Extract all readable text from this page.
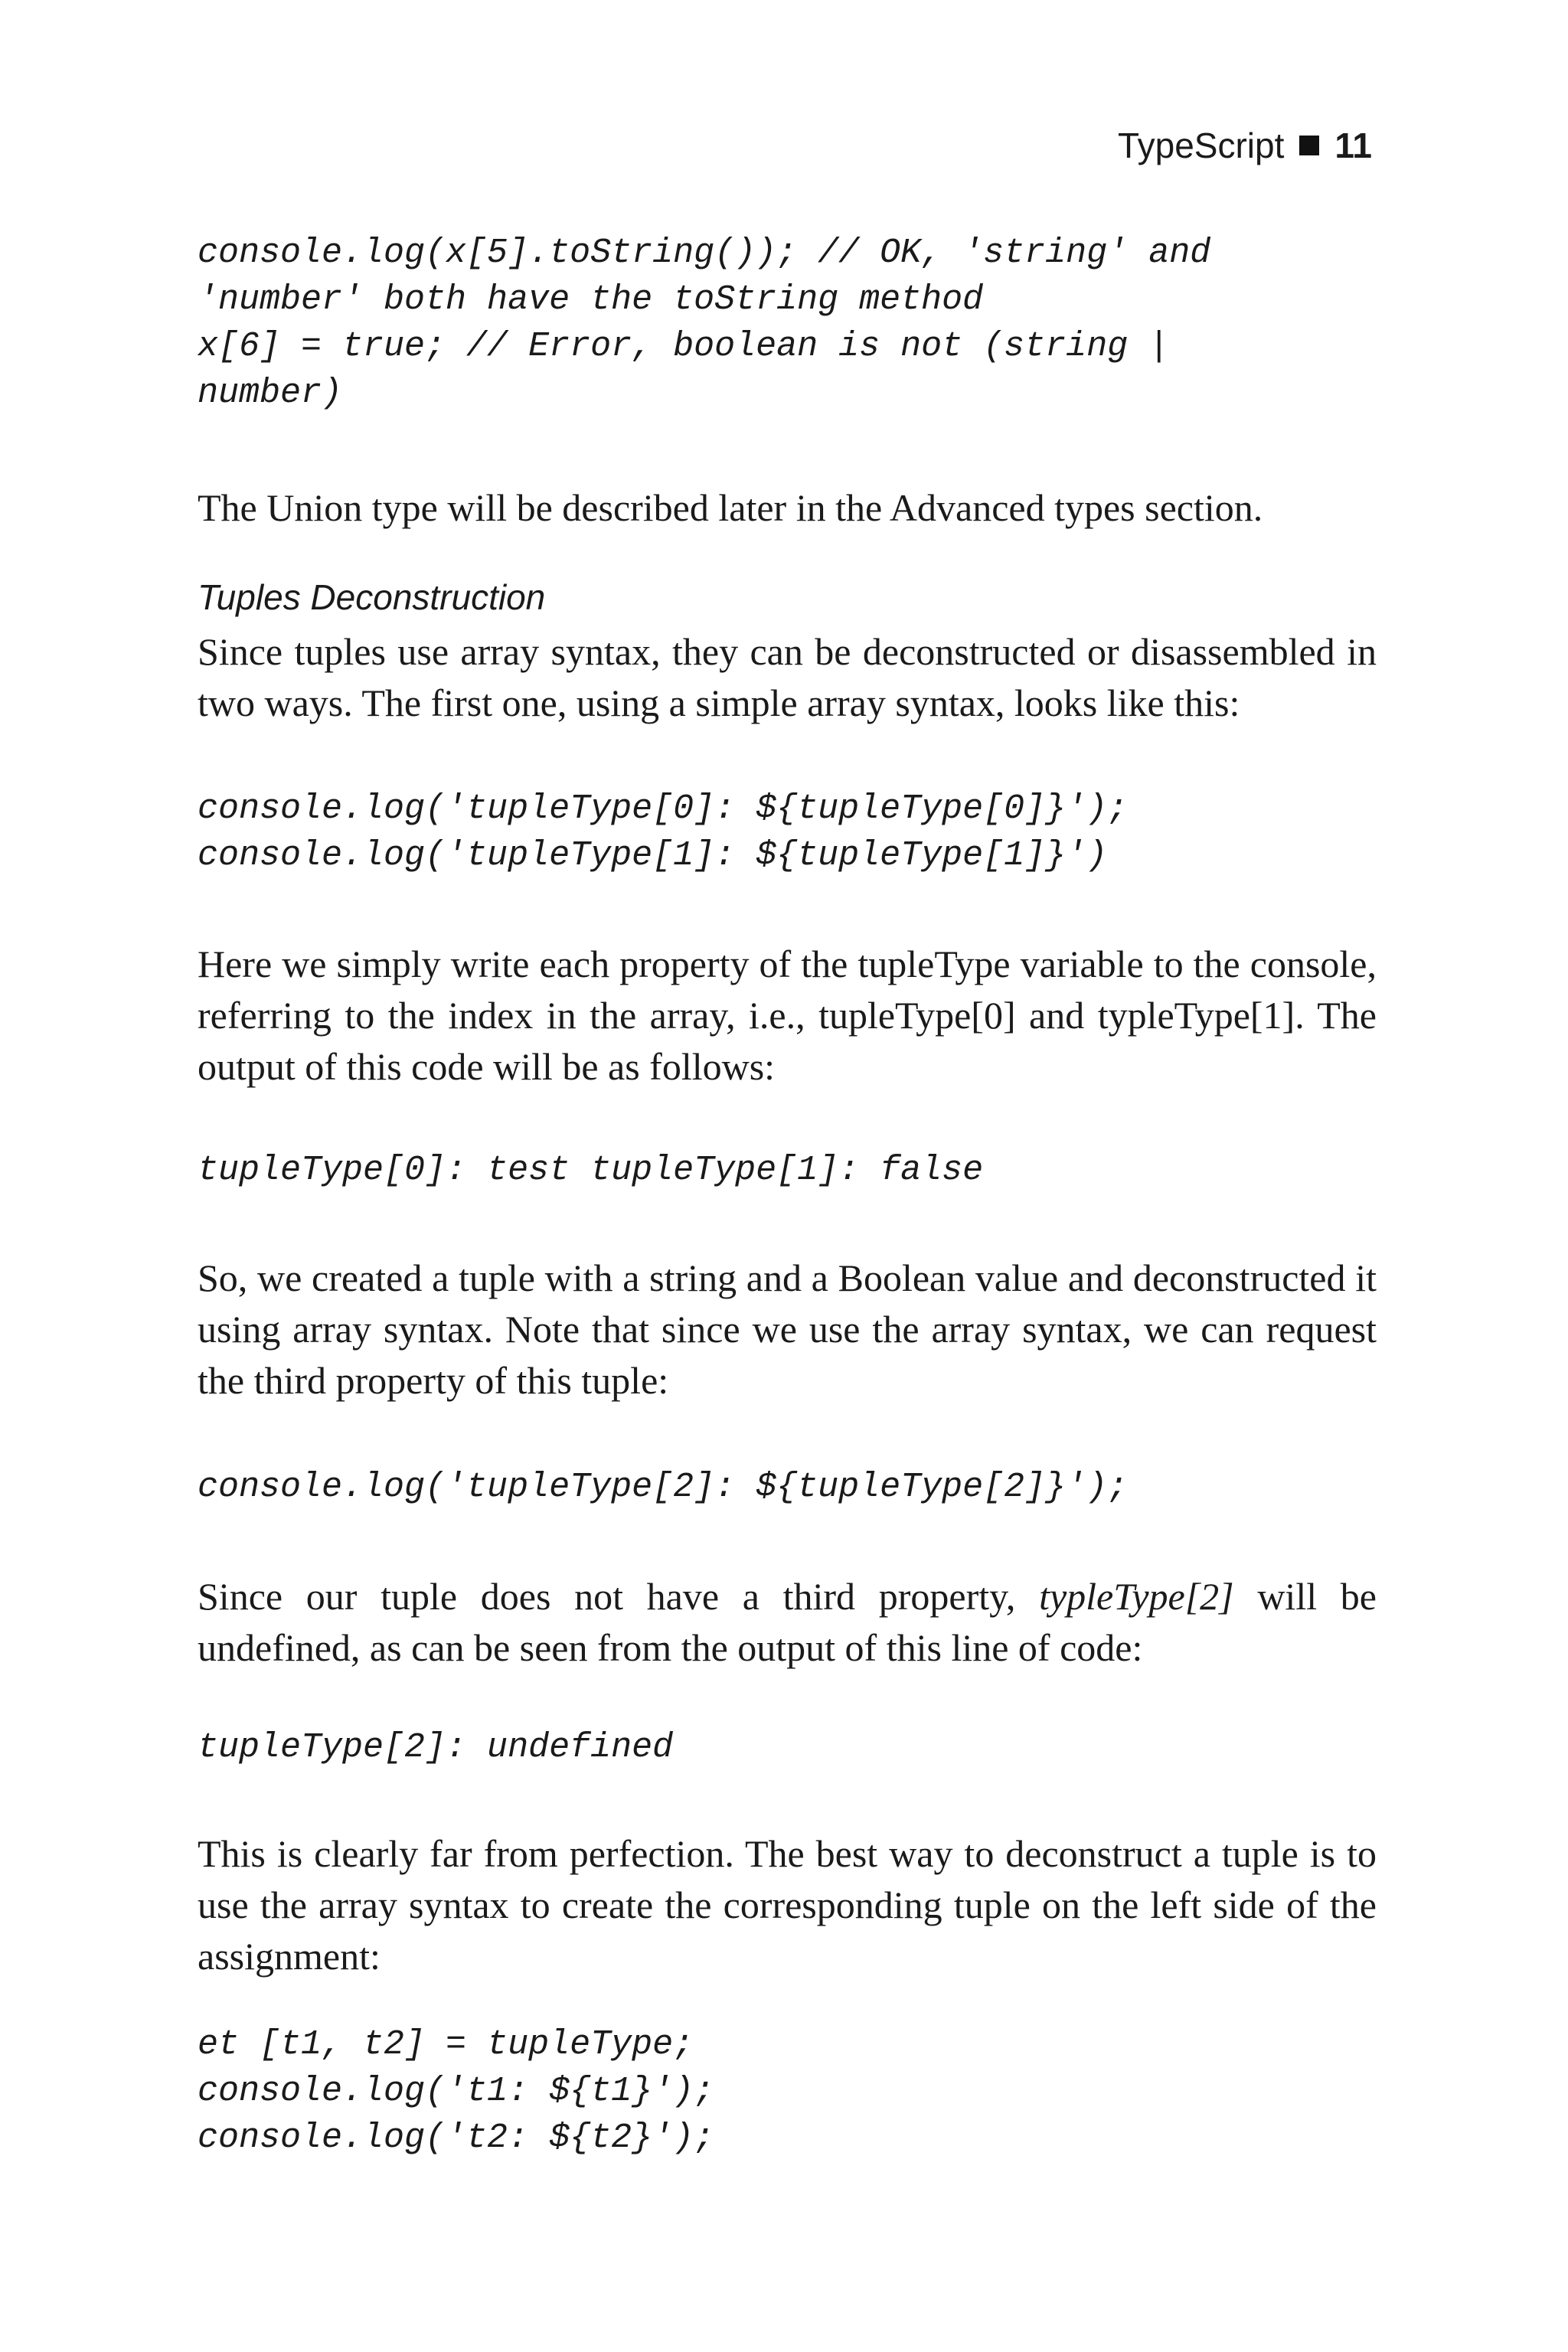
TypeScript 11
console.log(x[5].toString()); // OK, 'string' and
'number' both have the toString method
x[6] = true; // Error, boolean is not (string |
number)

The Union type will be described later in the Advanced types section.

Tuples Deconstruction

Since tuples use array syntax, they can be deconstructed or disassembled in two ways. The first one, using a simple array syntax, looks like this:

console.log('tupleType[0]: ${tupleType[0]}');
console.log('tupleType[1]: ${tupleType[1]}')

Here we simply write each property of the tupleType variable to the console, referring to the index in the array, i.e., tupleType[0] and typleType[1]. The output of this code will be as follows:

tupleType[0]: test tupleType[1]: false

So, we created a tuple with a string and a Boolean value and deconstructed it using array syntax. Note that since we use the array syntax, we can request the third property of this tuple:

console.log('tupleType[2]: ${tupleType[2]}');

Since our tuple does not have a third property, typleType[2] will be undefined, as can be seen from the output of this line of code:

tupleType[2]: undefined

This is clearly far from perfection. The best way to deconstruct a tuple is to use the array syntax to create the corresponding tuple on the left side of the assignment:

et [t1, t2] = tupleType;
console.log('t1: ${t1}');
console.log('t2: ${t2}');
